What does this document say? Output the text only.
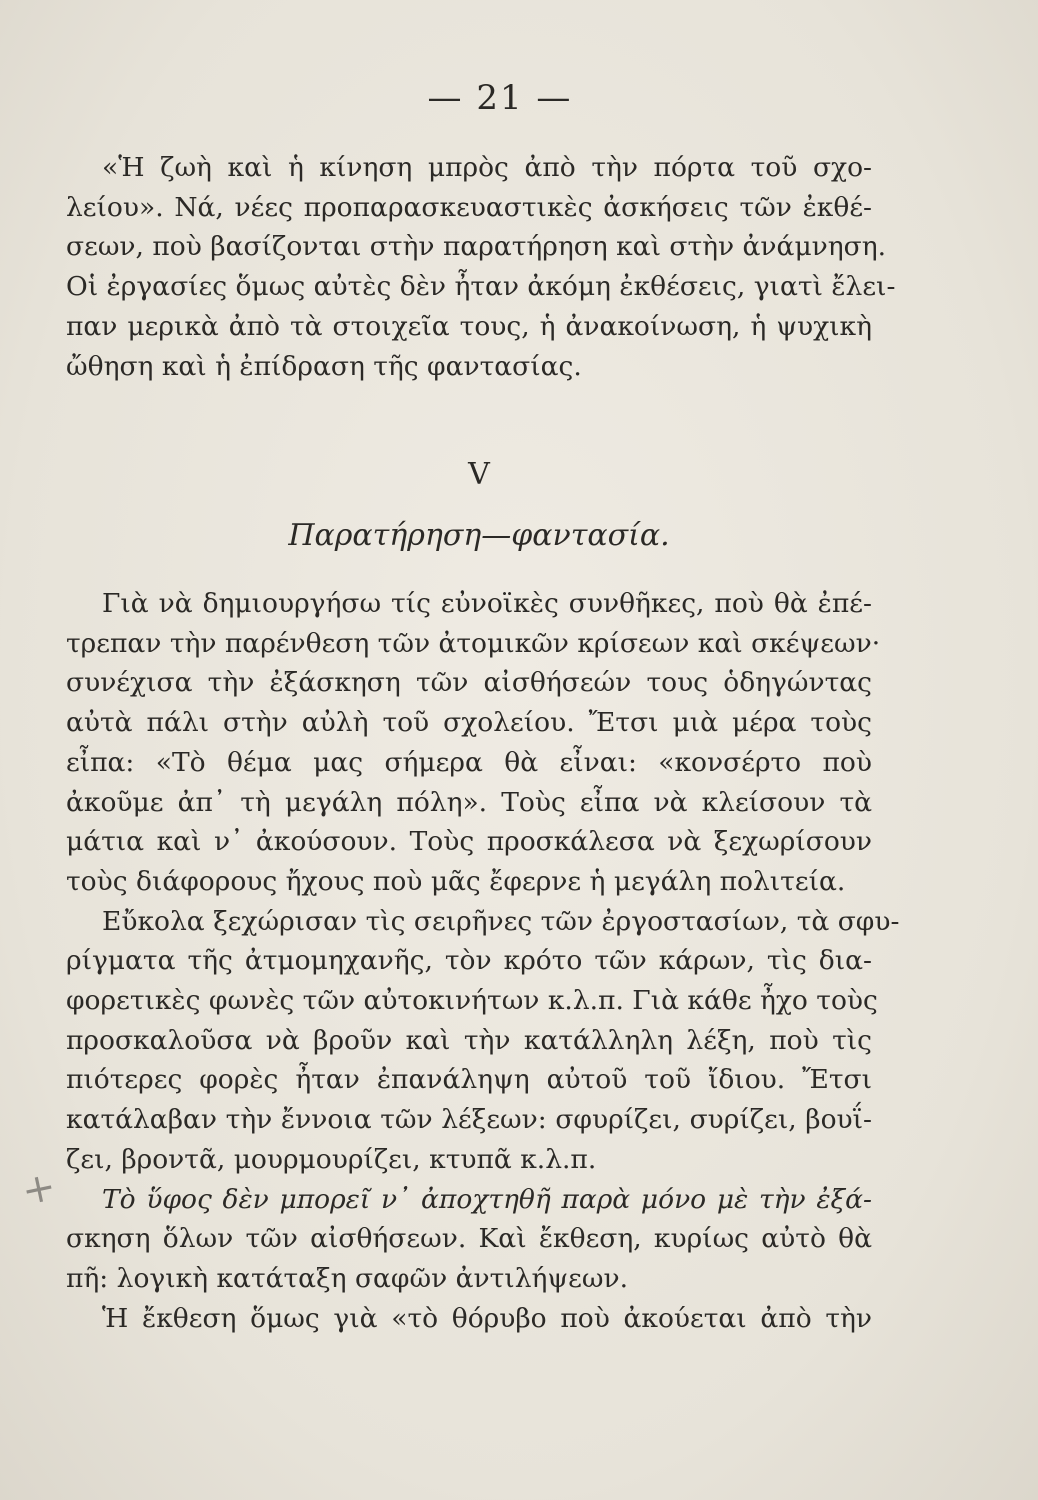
— 21 —
«Ἡ ζωὴ καὶ ἡ κίνηση μπρὸς ἀπὸ τὴν πόρτα τοῦ σχο-
λείου». Νά, νέες προπαρασκευαστικὲς ἀσκήσεις τῶν ἐκθέ-
σεων, ποὺ βασίζονται στὴν παρατήρηση καὶ στὴν ἀνάμνηση.
Οἱ ἐργασίες ὅμως αὐτὲς δὲν ἦταν ἀκόμη ἐκθέσεις, γιατὶ ἔλει-
παν μερικὰ ἀπὸ τὰ στοιχεῖα τους, ἡ ἀνακοίνωση, ἡ ψυχικὴ
ὤθηση καὶ ἡ ἐπίδραση τῆς φαντασίας.
V
Παρατήρηση—φαντασία.
Γιὰ νὰ δημιουργήσω τίς εὐνοϊκὲς συνθῆκες, ποὺ θὰ ἐπέ-
τρεπαν τὴν παρένθεση τῶν ἀτομικῶν κρίσεων καὶ σκέψεων·
συνέχισα τὴν ἐξάσκηση τῶν αἰσθήσεών τους ὁδηγώντας
αὐτὰ πάλι στὴν αὐλὴ τοῦ σχολείου. Ἔτσι μιὰ μέρα τοὺς
εἶπα: «Τὸ θέμα μας σήμερα θὰ εἶναι: «κονσέρτο ποὺ
ἀκοῦμε ἀπ᾿ τὴ μεγάλη πόλη». Τοὺς εἶπα νὰ κλείσουν τὰ
μάτια καὶ ν᾿ ἀκούσουν. Τοὺς προσκάλεσα νὰ ξεχωρίσουν
τοὺς διάφορους ἤχους ποὺ μᾶς ἔφερνε ἡ μεγάλη πολιτεία.
Εὔκολα ξεχώρισαν τὶς σειρῆνες τῶν ἐργοστασίων, τὰ σφυ-
ρίγματα τῆς ἀτμομηχανῆς, τὸν κρότο τῶν κάρων, τὶς δια-
φορετικὲς φωνὲς τῶν αὐτοκινήτων κ.λ.π. Γιὰ κάθε ἦχο τοὺς
προσκαλοῦσα νὰ βροῦν καὶ τὴν κατάλληλη λέξη, ποὺ τὶς
πιότερες φορὲς ἦταν ἐπανάληψη αὐτοῦ τοῦ ἴδιου. Ἔτσι
κατάλαβαν τὴν ἔννοια τῶν λέξεων: σφυρίζει, συρίζει, βουΐ-
ζει, βροντᾶ, μουρμουρίζει, κτυπᾶ κ.λ.π.
Τὸ ὕφος δὲν μπορεῖ ν᾿ ἀποχτηθῆ παρὰ μόνο μὲ τὴν ἐξά-
σκηση ὅλων τῶν αἰσθήσεων. Καὶ ἔκθεση, κυρίως αὐτὸ θὰ
πῆ: λογικὴ κατάταξη σαφῶν ἀντιλήψεων.
Ἡ ἔκθεση ὅμως γιὰ «τὸ θόρυβο ποὺ ἀκούεται ἀπὸ τὴν
+
